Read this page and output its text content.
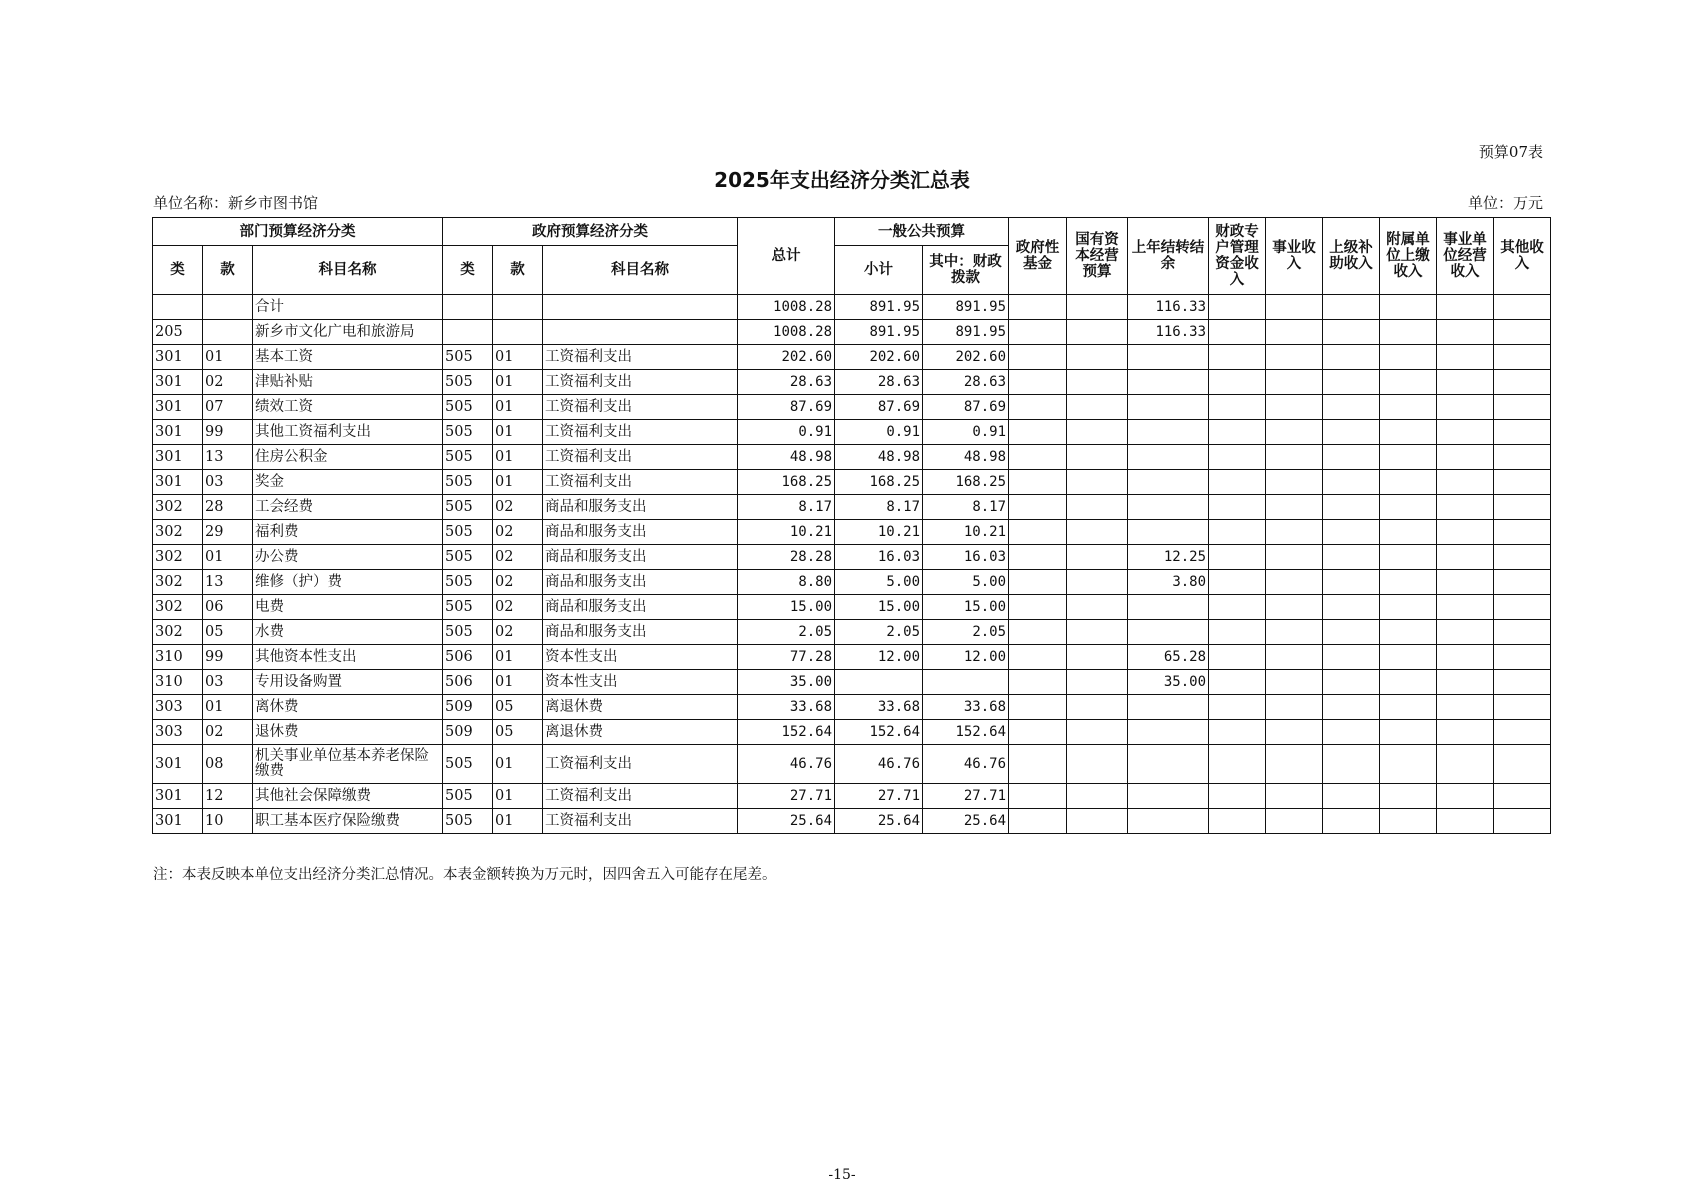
预算07表
2025年支出经济分类汇总表
单位名称：新乡市图书馆	单位：万元
部门预算经济分类			政府预算经济分类			总计	一般公共预算		政府性基金	国有资本经营预算	上年结转结余	财政专户管理资金收入	事业收入	上级补助收入	附属单位上缴收入	事业单位经营收入	其他收入
类	款	科目名称	类	款	科目名称		小计	其中：财政拨款									
		合计				1008.28	891.95	891.95			116.33						
205		新乡市文化广电和旅游局				1008.28	891.95	891.95			116.33						
301	01	基本工资	505	01	工资福利支出	202.60	202.60	202.60									
301	02	津贴补贴	505	01	工资福利支出	28.63	28.63	28.63									
301	07	绩效工资	505	01	工资福利支出	87.69	87.69	87.69									
301	99	其他工资福利支出	505	01	工资福利支出	0.91	0.91	0.91									
301	13	住房公积金	505	01	工资福利支出	48.98	48.98	48.98									
301	03	奖金	505	01	工资福利支出	168.25	168.25	168.25									
302	28	工会经费	505	02	商品和服务支出	8.17	8.17	8.17									
302	29	福利费	505	02	商品和服务支出	10.21	10.21	10.21									
302	01	办公费	505	02	商品和服务支出	28.28	16.03	16.03			12.25						
302	13	维修（护）费	505	02	商品和服务支出	8.80	5.00	5.00			3.80						
302	06	电费	505	02	商品和服务支出	15.00	15.00	15.00									
302	05	水费	505	02	商品和服务支出	2.05	2.05	2.05									
310	99	其他资本性支出	506	01	资本性支出	77.28	12.00	12.00			65.28						
310	03	专用设备购置	506	01	资本性支出	35.00					35.00						
303	01	离休费	509	05	离退休费	33.68	33.68	33.68									
303	02	退休费	509	05	离退休费	152.64	152.64	152.64									
301	08	机关事业单位基本养老保险缴费	505	01	工资福利支出	46.76	46.76	46.76									
301	12	其他社会保障缴费	505	01	工资福利支出	27.71	27.71	27.71									
301	10	职工基本医疗保险缴费	505	01	工资福利支出	25.64	25.64	25.64									
注：本表反映本单位支出经济分类汇总情况。本表金额转换为万元时，因四舍五入可能存在尾差。
-15-
